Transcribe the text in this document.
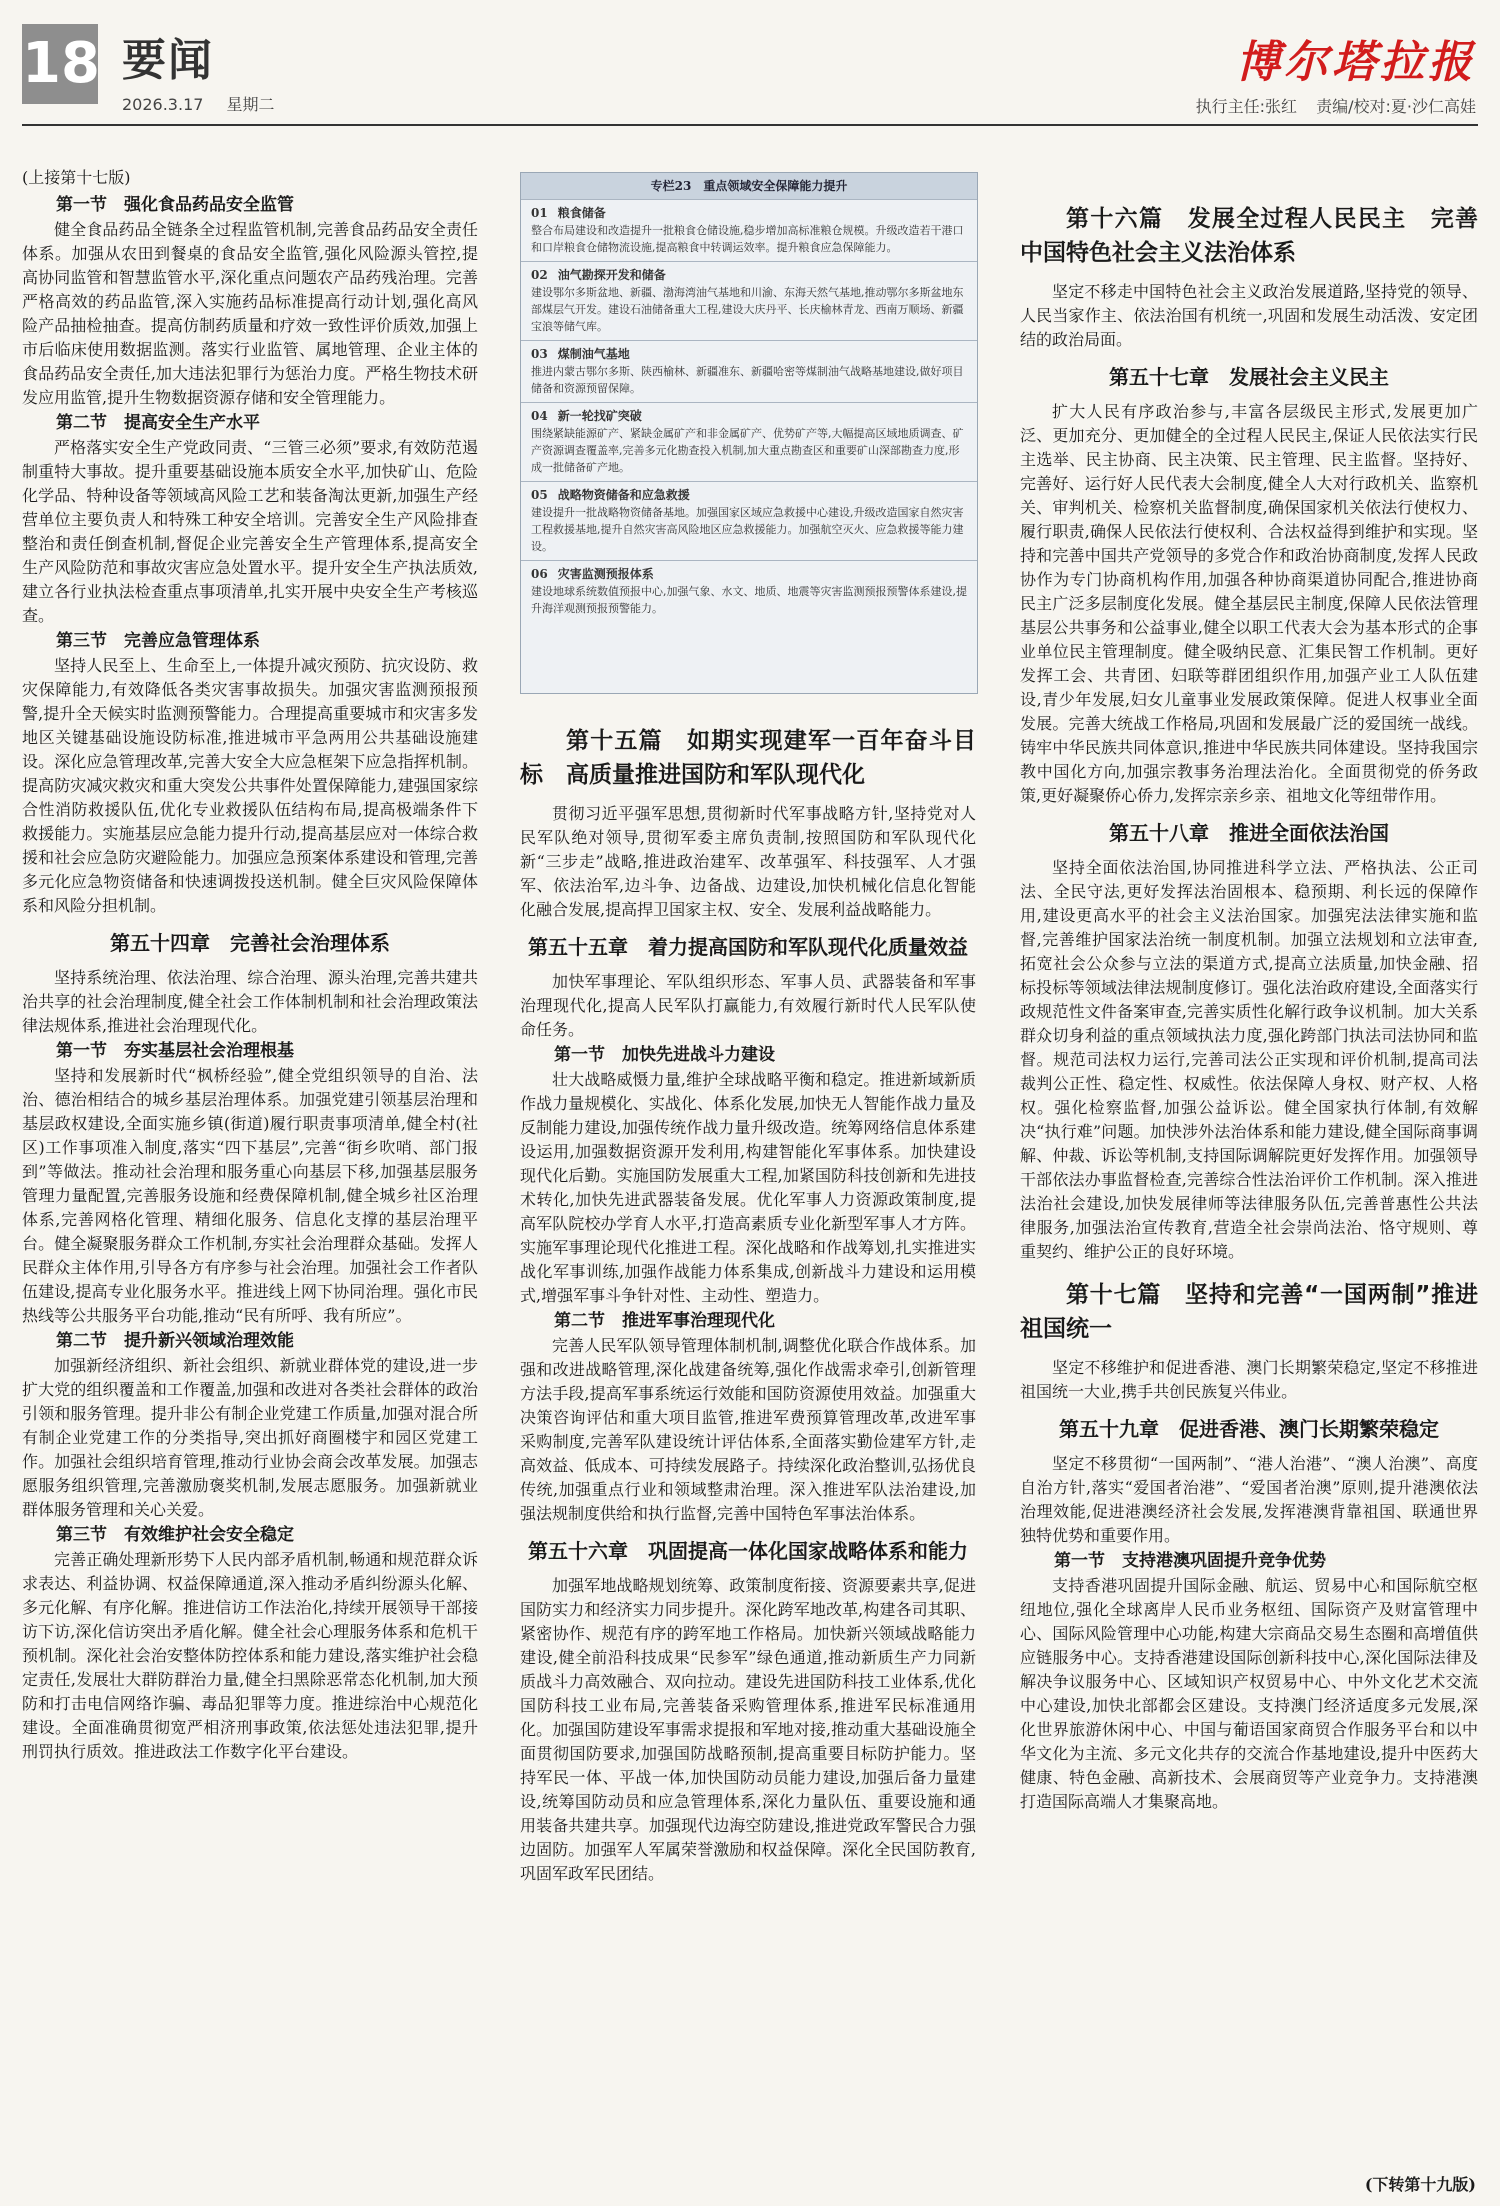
18 要闻
2026.3.17 星期二
博尔塔拉报
执行主任:张红 责编/校对:夏·沙仁高娃

(上接第十七版)

第一节　强化食品药品安全监管

健全食品药品全链条全过程监管机制,完善食品药品安全责任体系。加强从农田到餐桌的食品安全监管,强化风险源头管控,提高协同监管和智慧监管水平,深化重点问题农产品药残治理。完善严格高效的药品监管,深入实施药品标准提高行动计划,强化高风险产品抽检抽查。提高仿制药质量和疗效一致性评价质效,加强上市后临床使用数据监测。落实行业监管、属地管理、企业主体的食品药品安全责任,加大违法犯罪行为惩治力度。严格生物技术研发应用监管,提升生物数据资源存储和安全管理能力。

第二节　提高安全生产水平

严格落实安全生产党政同责、“三管三必须”要求,有效防范遏制重特大事故。提升重要基础设施本质安全水平,加快矿山、危险化学品、特种设备等领域高风险工艺和装备淘汰更新,加强生产经营单位主要负责人和特殊工种安全培训。完善安全生产风险排查整治和责任倒查机制,督促企业完善安全生产管理体系,提高安全生产风险防范和事故灾害应急处置水平。提升安全生产执法质效,建立各行业执法检查重点事项清单,扎实开展中央安全生产考核巡查。

第三节　完善应急管理体系

坚持人民至上、生命至上,一体提升减灾预防、抗灾设防、救灾保障能力,有效降低各类灾害事故损失。加强灾害监测预报预警,提升全天候实时监测预警能力。合理提高重要城市和灾害多发地区关键基础设施设防标准,推进城市平急两用公共基础设施建设。深化应急管理改革,完善大安全大应急框架下应急指挥机制。提高防灾减灾救灾和重大突发公共事件处置保障能力,建强国家综合性消防救援队伍,优化专业救援队伍结构布局,提高极端条件下救援能力。实施基层应急能力提升行动,提高基层应对一体综合救援和社会应急防灾避险能力。加强应急预案体系建设和管理,完善多元化应急物资储备和快速调拨投送机制。健全巨灾风险保障体系和风险分担机制。

第五十四章　完善社会治理体系

坚持系统治理、依法治理、综合治理、源头治理,完善共建共治共享的社会治理制度,健全社会工作体制机制和社会治理政策法律法规体系,推进社会治理现代化。

第一节　夯实基层社会治理根基

坚持和发展新时代“枫桥经验”,健全党组织领导的自治、法治、德治相结合的城乡基层治理体系。加强党建引领基层治理和基层政权建设,全面实施乡镇(街道)履行职责事项清单,健全村(社区)工作事项准入制度,落实“四下基层”,完善“街乡吹哨、部门报到”等做法。推动社会治理和服务重心向基层下移,加强基层服务管理力量配置,完善服务设施和经费保障机制,健全城乡社区治理体系,完善网格化管理、精细化服务、信息化支撑的基层治理平台。健全凝聚服务群众工作机制,夯实社会治理群众基础。发挥人民群众主体作用,引导各方有序参与社会治理。加强社会工作者队伍建设,提高专业化服务水平。推进线上网下协同治理。强化市民热线等公共服务平台功能,推动“民有所呼、我有所应”。

第二节　提升新兴领域治理效能

加强新经济组织、新社会组织、新就业群体党的建设,进一步扩大党的组织覆盖和工作覆盖,加强和改进对各类社会群体的政治引领和服务管理。提升非公有制企业党建工作质量,加强对混合所有制企业党建工作的分类指导,突出抓好商圈楼宇和园区党建工作。加强社会组织培育管理,推动行业协会商会改革发展。加强志愿服务组织管理,完善激励褒奖机制,发展志愿服务。加强新就业群体服务管理和关心关爱。

第三节　有效维护社会安全稳定

完善正确处理新形势下人民内部矛盾机制,畅通和规范群众诉求表达、利益协调、权益保障通道,深入推动矛盾纠纷源头化解、多元化解、有序化解。推进信访工作法治化,持续开展领导干部接访下访,深化信访突出矛盾化解。健全社会心理服务体系和危机干预机制。深化社会治安整体防控体系和能力建设,落实维护社会稳定责任,发展壮大群防群治力量,健全扫黑除恶常态化机制,加大预防和打击电信网络诈骗、毒品犯罪等力度。推进综治中心规范化建设。全面准确贯彻宽严相济刑事政策,依法惩处违法犯罪,提升刑罚执行质效。推进政法工作数字化平台建设。

专栏23　重点领域安全保障能力提升
01 粮食储备
整合布局建设和改造提升一批粮食仓储设施,稳步增加高标准粮仓规模。升级改造若干港口和口岸粮食仓储物流设施,提高粮食中转调运效率。提升粮食应急保障能力。
02 油气勘探开发和储备
建设鄂尔多斯盆地、新疆、渤海湾油气基地和川渝、东海天然气基地,推动鄂尔多斯盆地东部煤层气开发。建设石油储备重大工程,建设大庆丹平、长庆榆林青龙、西南万顺场、新疆宝浪等储气库。
03 煤制油气基地
推进内蒙古鄂尔多斯、陕西榆林、新疆准东、新疆哈密等煤制油气战略基地建设,做好项目储备和资源预留保障。
04 新一轮找矿突破
围绕紧缺能源矿产、紧缺金属矿产和非金属矿产、优势矿产等,大幅提高区域地质调查、矿产资源调查覆盖率,完善多元化勘查投入机制,加大重点勘查区和重要矿山深部勘查力度,形成一批储备矿产地。
05 战略物资储备和应急救援
建设提升一批战略物资储备基地。加强国家区域应急救援中心建设,升级改造国家自然灾害工程救援基地,提升自然灾害高风险地区应急救援能力。加强航空灭火、应急救援等能力建设。
06 灾害监测预报体系
建设地球系统数值预报中心,加强气象、水文、地质、地震等灾害监测预报预警体系建设,提升海洋观测预报预警能力。
第十五篇　如期实现建军一百年奋斗目标　高质量推进国防和军队现代化

贯彻习近平强军思想,贯彻新时代军事战略方针,坚持党对人民军队绝对领导,贯彻军委主席负责制,按照国防和军队现代化新“三步走”战略,推进政治建军、改革强军、科技强军、人才强军、依法治军,边斗争、边备战、边建设,加快机械化信息化智能化融合发展,提高捍卫国家主权、安全、发展利益战略能力。

第五十五章　着力提高国防和军队现代化质量效益

加快军事理论、军队组织形态、军事人员、武器装备和军事治理现代化,提高人民军队打赢能力,有效履行新时代人民军队使命任务。

第一节　加快先进战斗力建设

壮大战略威慑力量,维护全球战略平衡和稳定。推进新域新质作战力量规模化、实战化、体系化发展,加快无人智能作战力量及反制能力建设,加强传统作战力量升级改造。统筹网络信息体系建设运用,加强数据资源开发利用,构建智能化军事体系。加快建设现代化后勤。实施国防发展重大工程,加紧国防科技创新和先进技术转化,加快先进武器装备发展。优化军事人力资源政策制度,提高军队院校办学育人水平,打造高素质专业化新型军事人才方阵。实施军事理论现代化推进工程。深化战略和作战筹划,扎实推进实战化军事训练,加强作战能力体系集成,创新战斗力建设和运用模式,增强军事斗争针对性、主动性、塑造力。

第二节　推进军事治理现代化

完善人民军队领导管理体制机制,调整优化联合作战体系。加强和改进战略管理,深化战建备统筹,强化作战需求牵引,创新管理方法手段,提高军事系统运行效能和国防资源使用效益。加强重大决策咨询评估和重大项目监管,推进军费预算管理改革,改进军事采购制度,完善军队建设统计评估体系,全面落实勤俭建军方针,走高效益、低成本、可持续发展路子。持续深化政治整训,弘扬优良传统,加强重点行业和领域整肃治理。深入推进军队法治建设,加强法规制度供给和执行监督,完善中国特色军事法治体系。

第五十六章　巩固提高一体化国家战略体系和能力

加强军地战略规划统筹、政策制度衔接、资源要素共享,促进国防实力和经济实力同步提升。深化跨军地改革,构建各司其职、紧密协作、规范有序的跨军地工作格局。加快新兴领域战略能力建设,健全前沿科技成果“民参军”绿色通道,推动新质生产力同新质战斗力高效融合、双向拉动。建设先进国防科技工业体系,优化国防科技工业布局,完善装备采购管理体系,推进军民标准通用化。加强国防建设军事需求提报和军地对接,推动重大基础设施全面贯彻国防要求,加强国防战略预制,提高重要目标防护能力。坚持军民一体、平战一体,加快国防动员能力建设,加强后备力量建设,统筹国防动员和应急管理体系,深化力量队伍、重要设施和通用装备共建共享。加强现代边海空防建设,推进党政军警民合力强边固防。加强军人军属荣誉激励和权益保障。深化全民国防教育,巩固军政军民团结。

第十六篇　发展全过程人民民主　完善中国特色社会主义法治体系

坚定不移走中国特色社会主义政治发展道路,坚持党的领导、人民当家作主、依法治国有机统一,巩固和发展生动活泼、安定团结的政治局面。

第五十七章　发展社会主义民主

扩大人民有序政治参与,丰富各层级民主形式,发展更加广泛、更加充分、更加健全的全过程人民民主,保证人民依法实行民主选举、民主协商、民主决策、民主管理、民主监督。坚持好、完善好、运行好人民代表大会制度,健全人大对行政机关、监察机关、审判机关、检察机关监督制度,确保国家机关依法行使权力、履行职责,确保人民依法行使权利、合法权益得到维护和实现。坚持和完善中国共产党领导的多党合作和政治协商制度,发挥人民政协作为专门协商机构作用,加强各种协商渠道协同配合,推进协商民主广泛多层制度化发展。健全基层民主制度,保障人民依法管理基层公共事务和公益事业,健全以职工代表大会为基本形式的企事业单位民主管理制度。健全吸纳民意、汇集民智工作机制。更好发挥工会、共青团、妇联等群团组织作用,加强产业工人队伍建设,青少年发展,妇女儿童事业发展政策保障。促进人权事业全面发展。完善大统战工作格局,巩固和发展最广泛的爱国统一战线。铸牢中华民族共同体意识,推进中华民族共同体建设。坚持我国宗教中国化方向,加强宗教事务治理法治化。全面贯彻党的侨务政策,更好凝聚侨心侨力,发挥宗亲乡亲、祖地文化等纽带作用。

第五十八章　推进全面依法治国

坚持全面依法治国,协同推进科学立法、严格执法、公正司法、全民守法,更好发挥法治固根本、稳预期、利长远的保障作用,建设更高水平的社会主义法治国家。加强宪法法律实施和监督,完善维护国家法治统一制度机制。加强立法规划和立法审查,拓宽社会公众参与立法的渠道方式,提高立法质量,加快金融、招标投标等领域法律法规制度修订。强化法治政府建设,全面落实行政规范性文件备案审查,完善实质性化解行政争议机制。加大关系群众切身利益的重点领域执法力度,强化跨部门执法司法协同和监督。规范司法权力运行,完善司法公正实现和评价机制,提高司法裁判公正性、稳定性、权威性。依法保障人身权、财产权、人格权。强化检察监督,加强公益诉讼。健全国家执行体制,有效解决“执行难”问题。加快涉外法治体系和能力建设,健全国际商事调解、仲裁、诉讼等机制,支持国际调解院更好发挥作用。加强领导干部依法办事监督检查,完善综合性法治评价工作机制。深入推进法治社会建设,加快发展律师等法律服务队伍,完善普惠性公共法律服务,加强法治宣传教育,营造全社会崇尚法治、恪守规则、尊重契约、维护公正的良好环境。

第十七篇　坚持和完善“一国两制”推进祖国统一

坚定不移维护和促进香港、澳门长期繁荣稳定,坚定不移推进祖国统一大业,携手共创民族复兴伟业。

第五十九章　促进香港、澳门长期繁荣稳定

坚定不移贯彻“一国两制”、“港人治港”、“澳人治澳”、高度自治方针,落实“爱国者治港”、“爱国者治澳”原则,提升港澳依法治理效能,促进港澳经济社会发展,发挥港澳背靠祖国、联通世界独特优势和重要作用。

第一节　支持港澳巩固提升竞争优势

支持香港巩固提升国际金融、航运、贸易中心和国际航空枢纽地位,强化全球离岸人民币业务枢纽、国际资产及财富管理中心、国际风险管理中心功能,构建大宗商品交易生态圈和高增值供应链服务中心。支持香港建设国际创新科技中心,深化国际法律及解决争议服务中心、区域知识产权贸易中心、中外文化艺术交流中心建设,加快北部都会区建设。支持澳门经济适度多元发展,深化世界旅游休闲中心、中国与葡语国家商贸合作服务平台和以中华文化为主流、多元文化共存的交流合作基地建设,提升中医药大健康、特色金融、高新技术、会展商贸等产业竞争力。支持港澳打造国际高端人才集聚高地。

(下转第十九版)
